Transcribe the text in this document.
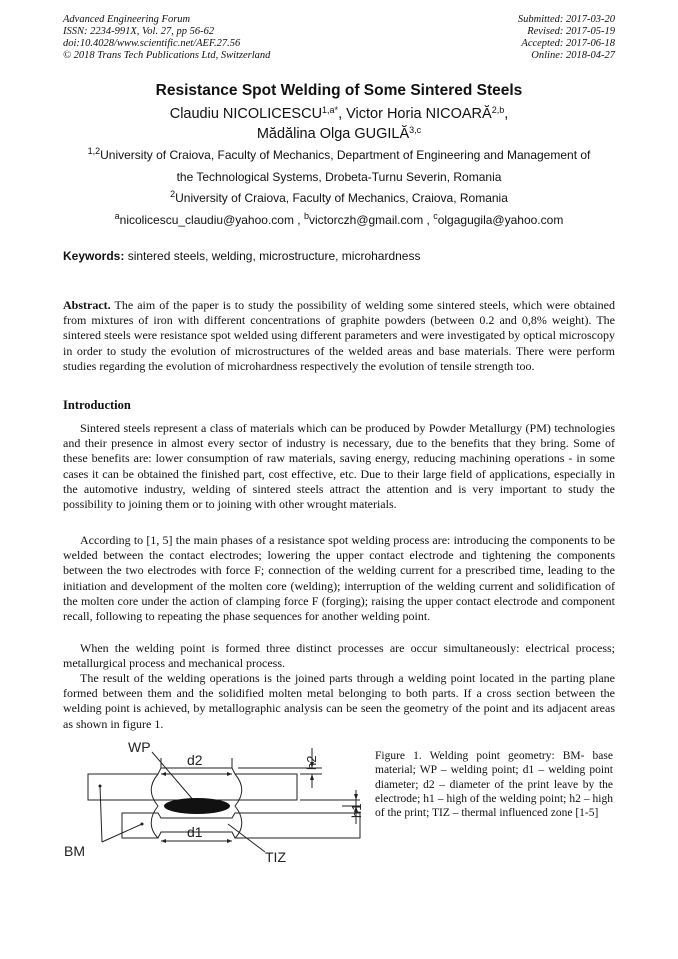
Advanced Engineering Forum
ISSN: 2234-991X, Vol. 27, pp 56-62
doi:10.4028/www.scientific.net/AEF.27.56
© 2018 Trans Tech Publications Ltd, Switzerland
Submitted: 2017-03-20
Revised: 2017-05-19
Accepted: 2017-06-18
Online: 2018-04-27
Resistance Spot Welding of Some Sintered Steels
Claudiu $NICOLICESCU^{1,a*}$, Victor Horia NICOARĂ$^{2,b}$,
Mădălina Olga GUGILĂ$^{3,c}$
$^{1,2}$University of Craiova, Faculty of Mechanics, Department of Engineering and Management of
the Technological Systems, Drobeta-Turnu Severin, Romania
$^2$University of Craiova, Faculty of Mechanics, Craiova, Romania
$^a$nicolicescu_claudiu@yahoo.com , $^b$victorczh@gmail.com , $^c$olgagugila@yahoo.com
Keywords: sintered steels, welding, microstructure, microhardness
Abstract. The aim of the paper is to study the possibility of welding some sintered steels, which were obtained from mixtures of iron with different concentrations of graphite powders (between 0.2 and 0,8% weight). The sintered steels were resistance spot welded using different parameters and were investigated by optical microscopy in order to study the evolution of microstructures of the welded areas and base materials. There were perform studies regarding the evolution of microhardness respectively the evolution of tensile strength too.
Introduction
Sintered steels represent a class of materials which can be produced by Powder Metallurgy (PM) technologies and their presence in almost every sector of industry is necessary, due to the benefits that they bring. Some of these benefits are: lower consumption of raw materials, saving energy, reducing machining operations - in some cases it can be obtained the finished part, cost effective, etc. Due to their large field of applications, especially in the automotive industry, welding of sintered steels attract the attention and is very important to study the possibility to joining them or to joining with other wrought materials.
According to [1, 5] the main phases of a resistance spot welding process are: introducing the components to be welded between the contact electrodes; lowering the upper contact electrode and tightening the components between the two electrodes with force F; connection of the welding current for a prescribed time, leading to the initiation and development of the molten core (welding); interruption of the welding current and solidification of the molten core under the action of clamping force F (forging); raising the upper contact electrode and component recall, following to repeating the phase sequences for another welding point.
When the welding point is formed three distinct processes are occur simultaneously: electrical process; metallurgical process and mechanical process.
The result of the welding operations is the joined parts through a welding point located in the parting plane formed between them and the solidified molten metal belonging to both parts. If a cross section between the welding point is achieved, by metallographic analysis can be seen the geometry of the point and its adjacent areas as shown in figure 1.
WP
d2	h2
h1
d1
BM	TIZ
Figure 1. Welding point geometry: BM- base material; WP – welding point; d1 – welding point diameter; d2 – diameter of the print leave by the electrode; h1 – high of the welding point; h2 – high of the print; TIZ – thermal influenced zone [1-5]
